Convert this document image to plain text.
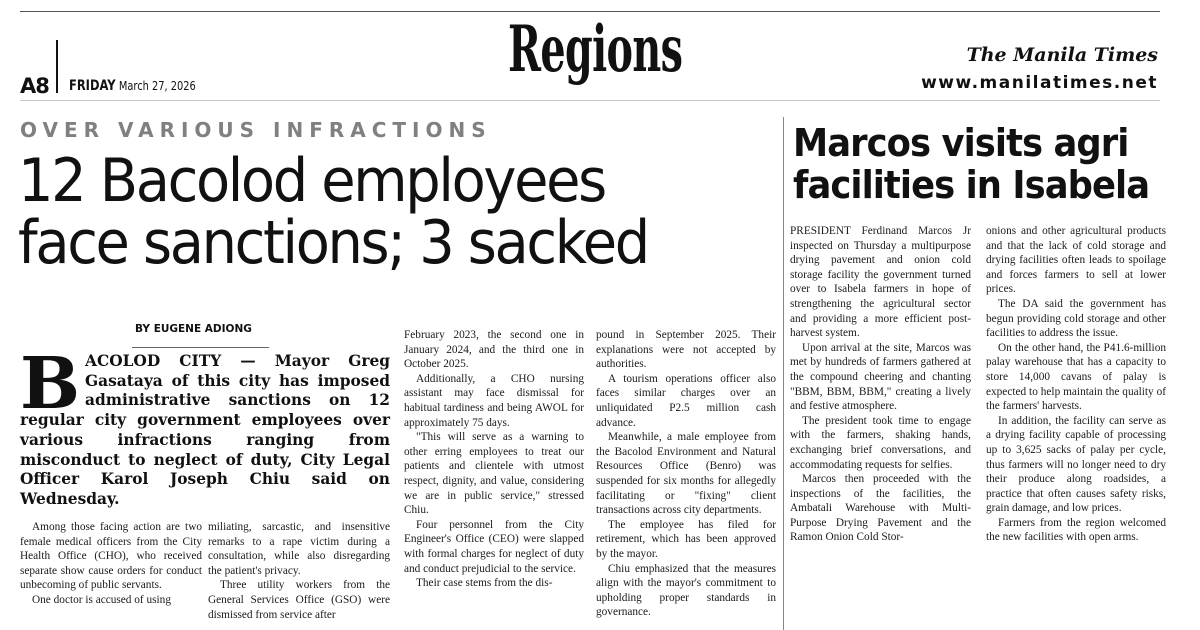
A8 FRIDAY March 27, 2026	Regions	The Manila Times
www.manilatimes.net
OVER VARIOUS INFRACTIONS
12 Bacolod employees face sanctions; 3 sacked
BY EUGENE ADIONG
BACOLOD CITY — Mayor Greg Gasataya of this city has imposed administrative sanctions on 12 regular city government employees over various infractions ranging from misconduct to neglect of duty, City Legal Officer Karol Joseph Chiu said on Wednesday.

Among those facing action are two female medical officers from the City Health Office (CHO), who received separate show cause orders for conduct unbecoming of public servants.

One doctor is accused of using

miliating, sarcastic, and insensitive remarks to a rape victim during a consultation, while also disregarding the patient's privacy.

Three utility workers from the General Services Office (GSO) were dismissed from service after

February 2023, the second one in January 2024, and the third one in October 2025.

Additionally, a CHO nursing assistant may face dismissal for habitual tardiness and being AWOL for approximately 75 days.

"This will serve as a warning to other erring employees to treat our patients and clientele with utmost respect, dignity, and value, considering we are in public service," stressed Chiu.

Four personnel from the City Engineer's Office (CEO) were slapped with formal charges for neglect of duty and conduct prejudicial to the service.

Their case stems from the dis-

pound in September 2025. Their explanations were not accepted by authorities.

A tourism operations officer also faces similar charges over an unliquidated P2.5 million cash advance.

Meanwhile, a male employee from the Bacolod Environment and Natural Resources Office (Benro) was suspended for six months for allegedly facilitating or "fixing" client transactions across city departments.

The employee has filed for retirement, which has been approved by the mayor.

Chiu emphasized that the measures align with the mayor's commitment to upholding proper standards in governance.

Marcos visits agri facilities in Isabela

PRESIDENT Ferdinand Marcos Jr inspected on Thursday a multipurpose drying pavement and onion cold storage facility the government turned over to Isabela farmers in hope of strengthening the agricultural sector and providing a more efficient post-harvest system.

Upon arrival at the site, Marcos was met by hundreds of farmers gathered at the compound cheering and chanting "BBM, BBM, BBM," creating a lively and festive atmosphere.

The president took time to engage with the farmers, shaking hands, exchanging brief conversations, and accommodating requests for selfies.

Marcos then proceeded with the inspections of the facilities, the Ambatali Warehouse with Multi-Purpose Drying Pavement and the Ramon Onion Cold Stor-

onions and other agricultural products and that the lack of cold storage and drying facilities often leads to spoilage and forces farmers to sell at lower prices.

The DA said the government has begun providing cold storage and other facilities to address the issue.

On the other hand, the P41.6-million palay warehouse that has a capacity to store 14,000 cavans of palay is expected to help maintain the quality of the farmers' harvests.

In addition, the facility can serve as a drying facility capable of processing up to 3,625 sacks of palay per cycle, thus farmers will no longer need to dry their produce along roadsides, a practice that often causes safety risks, grain damage, and low prices.

Farmers from the region welcomed the new facilities with open arms.
